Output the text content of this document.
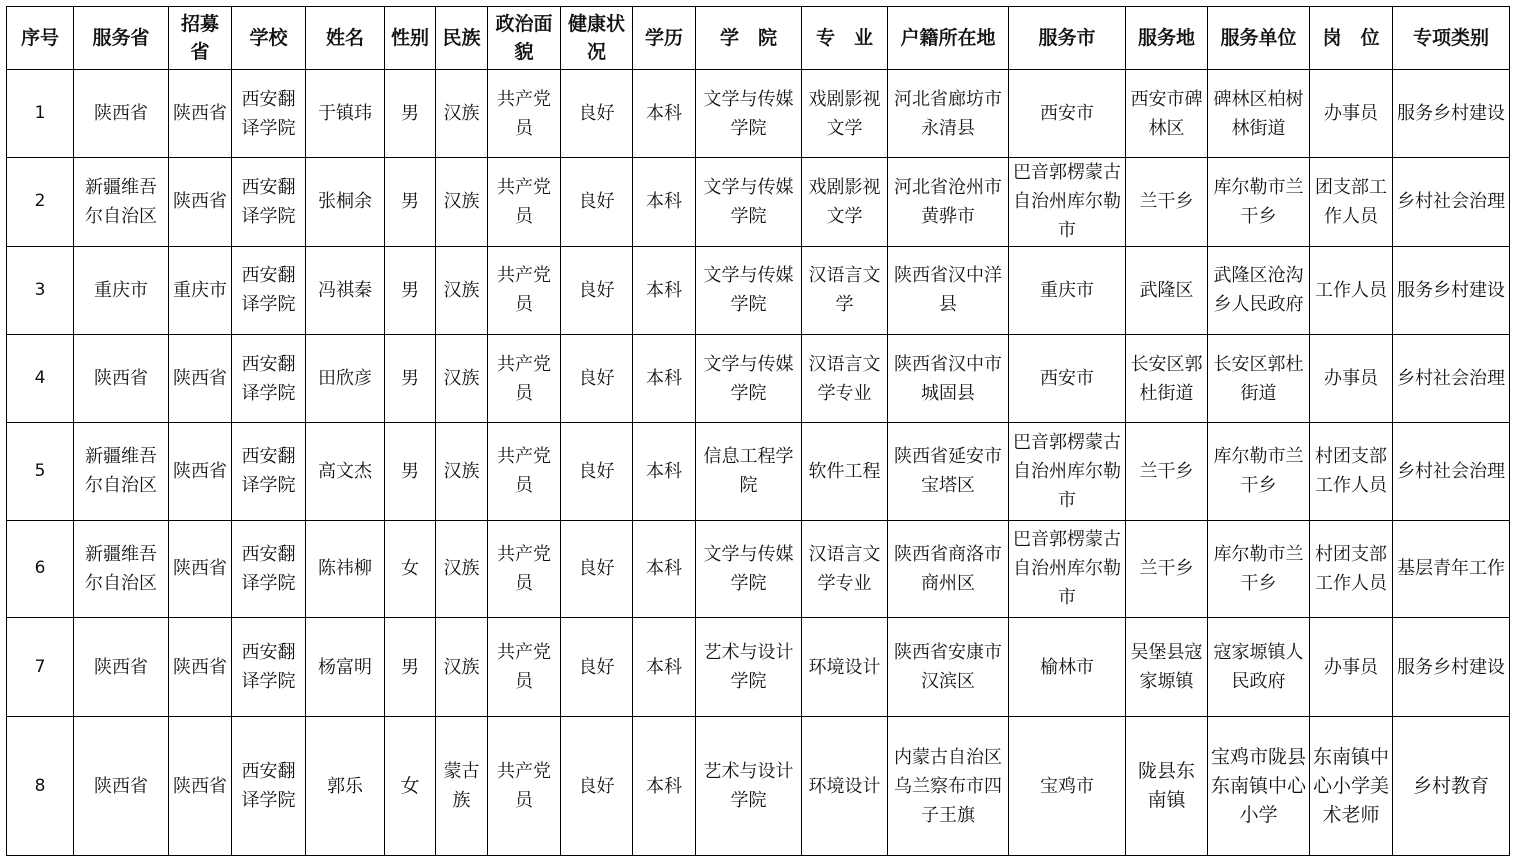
序号	服务省	招募省	学校	姓名	性别	民族	政治面貌	健康状况	学历	学　院	专　业	户籍所在地	服务市	服务地	服务单位	岗　位	专项类别
1	陕西省	陕西省	西安翻译学院	于镇玮	男	汉族	共产党员	良好	本科	文学与传媒学院	戏剧影视文学	河北省廊坊市永清县	西安市	西安市碑林区	碑林区柏树林街道	办事员	服务乡村建设
2	新疆维吾尔自治区	陕西省	西安翻译学院	张桐余	男	汉族	共产党员	良好	本科	文学与传媒学院	戏剧影视文学	河北省沧州市黄骅市	巴音郭楞蒙古自治州库尔勒市	兰干乡	库尔勒市兰干乡	团支部工作人员	乡村社会治理
3	重庆市	重庆市	西安翻译学院	冯祺秦	男	汉族	共产党员	良好	本科	文学与传媒学院	汉语言文学	陕西省汉中洋县	重庆市	武隆区	武隆区沧沟乡人民政府	工作人员	服务乡村建设
4	陕西省	陕西省	西安翻译学院	田欣彦	男	汉族	共产党员	良好	本科	文学与传媒学院	汉语言文学专业	陕西省汉中市城固县	西安市	长安区郭杜街道	长安区郭杜街道	办事员	乡村社会治理
5	新疆维吾尔自治区	陕西省	西安翻译学院	高文杰	男	汉族	共产党员	良好	本科	信息工程学院	软件工程	陕西省延安市宝塔区	巴音郭楞蒙古自治州库尔勒市	兰干乡	库尔勒市兰干乡	村团支部工作人员	乡村社会治理
6	新疆维吾尔自治区	陕西省	西安翻译学院	陈祎柳	女	汉族	共产党员	良好	本科	文学与传媒学院	汉语言文学专业	陕西省商洛市商州区	巴音郭楞蒙古自治州库尔勒市	兰干乡	库尔勒市兰干乡	村团支部工作人员	基层青年工作
7	陕西省	陕西省	西安翻译学院	杨富明	男	汉族	共产党员	良好	本科	艺术与设计学院	环境设计	陕西省安康市汉滨区	榆林市	吴堡县寇家塬镇	寇家塬镇人民政府	办事员	服务乡村建设
8	陕西省	陕西省	西安翻译学院	郭乐	女	蒙古族	共产党员	良好	本科	艺术与设计学院	环境设计	内蒙古自治区乌兰察布市四子王旗	宝鸡市	陇县东南镇	宝鸡市陇县东南镇中心小学	东南镇中心小学美术老师	乡村教育
